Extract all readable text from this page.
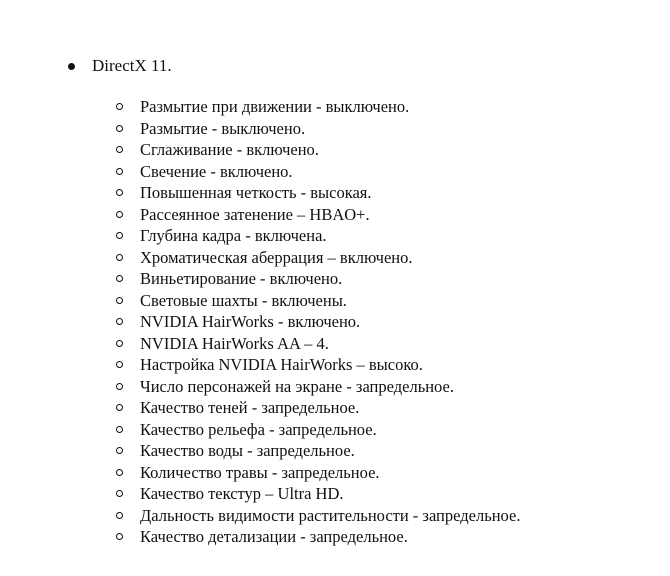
DirectX 11.
Размытие при движении - выключено.
Размытие - выключено.
Сглаживание - включено.
Свечение - включено.
Повышенная четкость - высокая.
Рассеянное затенение – HBAO+.
Глубина кадра - включена.
Хроматическая аберрация – включено.
Виньетирование - включено.
Световые шахты - включены.
NVIDIA HairWorks - включено.
NVIDIA HairWorks AA – 4.
Настройка NVIDIA HairWorks – высоко.
Число персонажей на экране - запредельное.
Качество теней - запредельное.
Качество рельефа - запредельное.
Качество воды - запредельное.
Количество травы - запредельное.
Качество текстур – Ultra HD.
Дальность видимости растительности - запредельное.
Качество детализации - запредельное.
